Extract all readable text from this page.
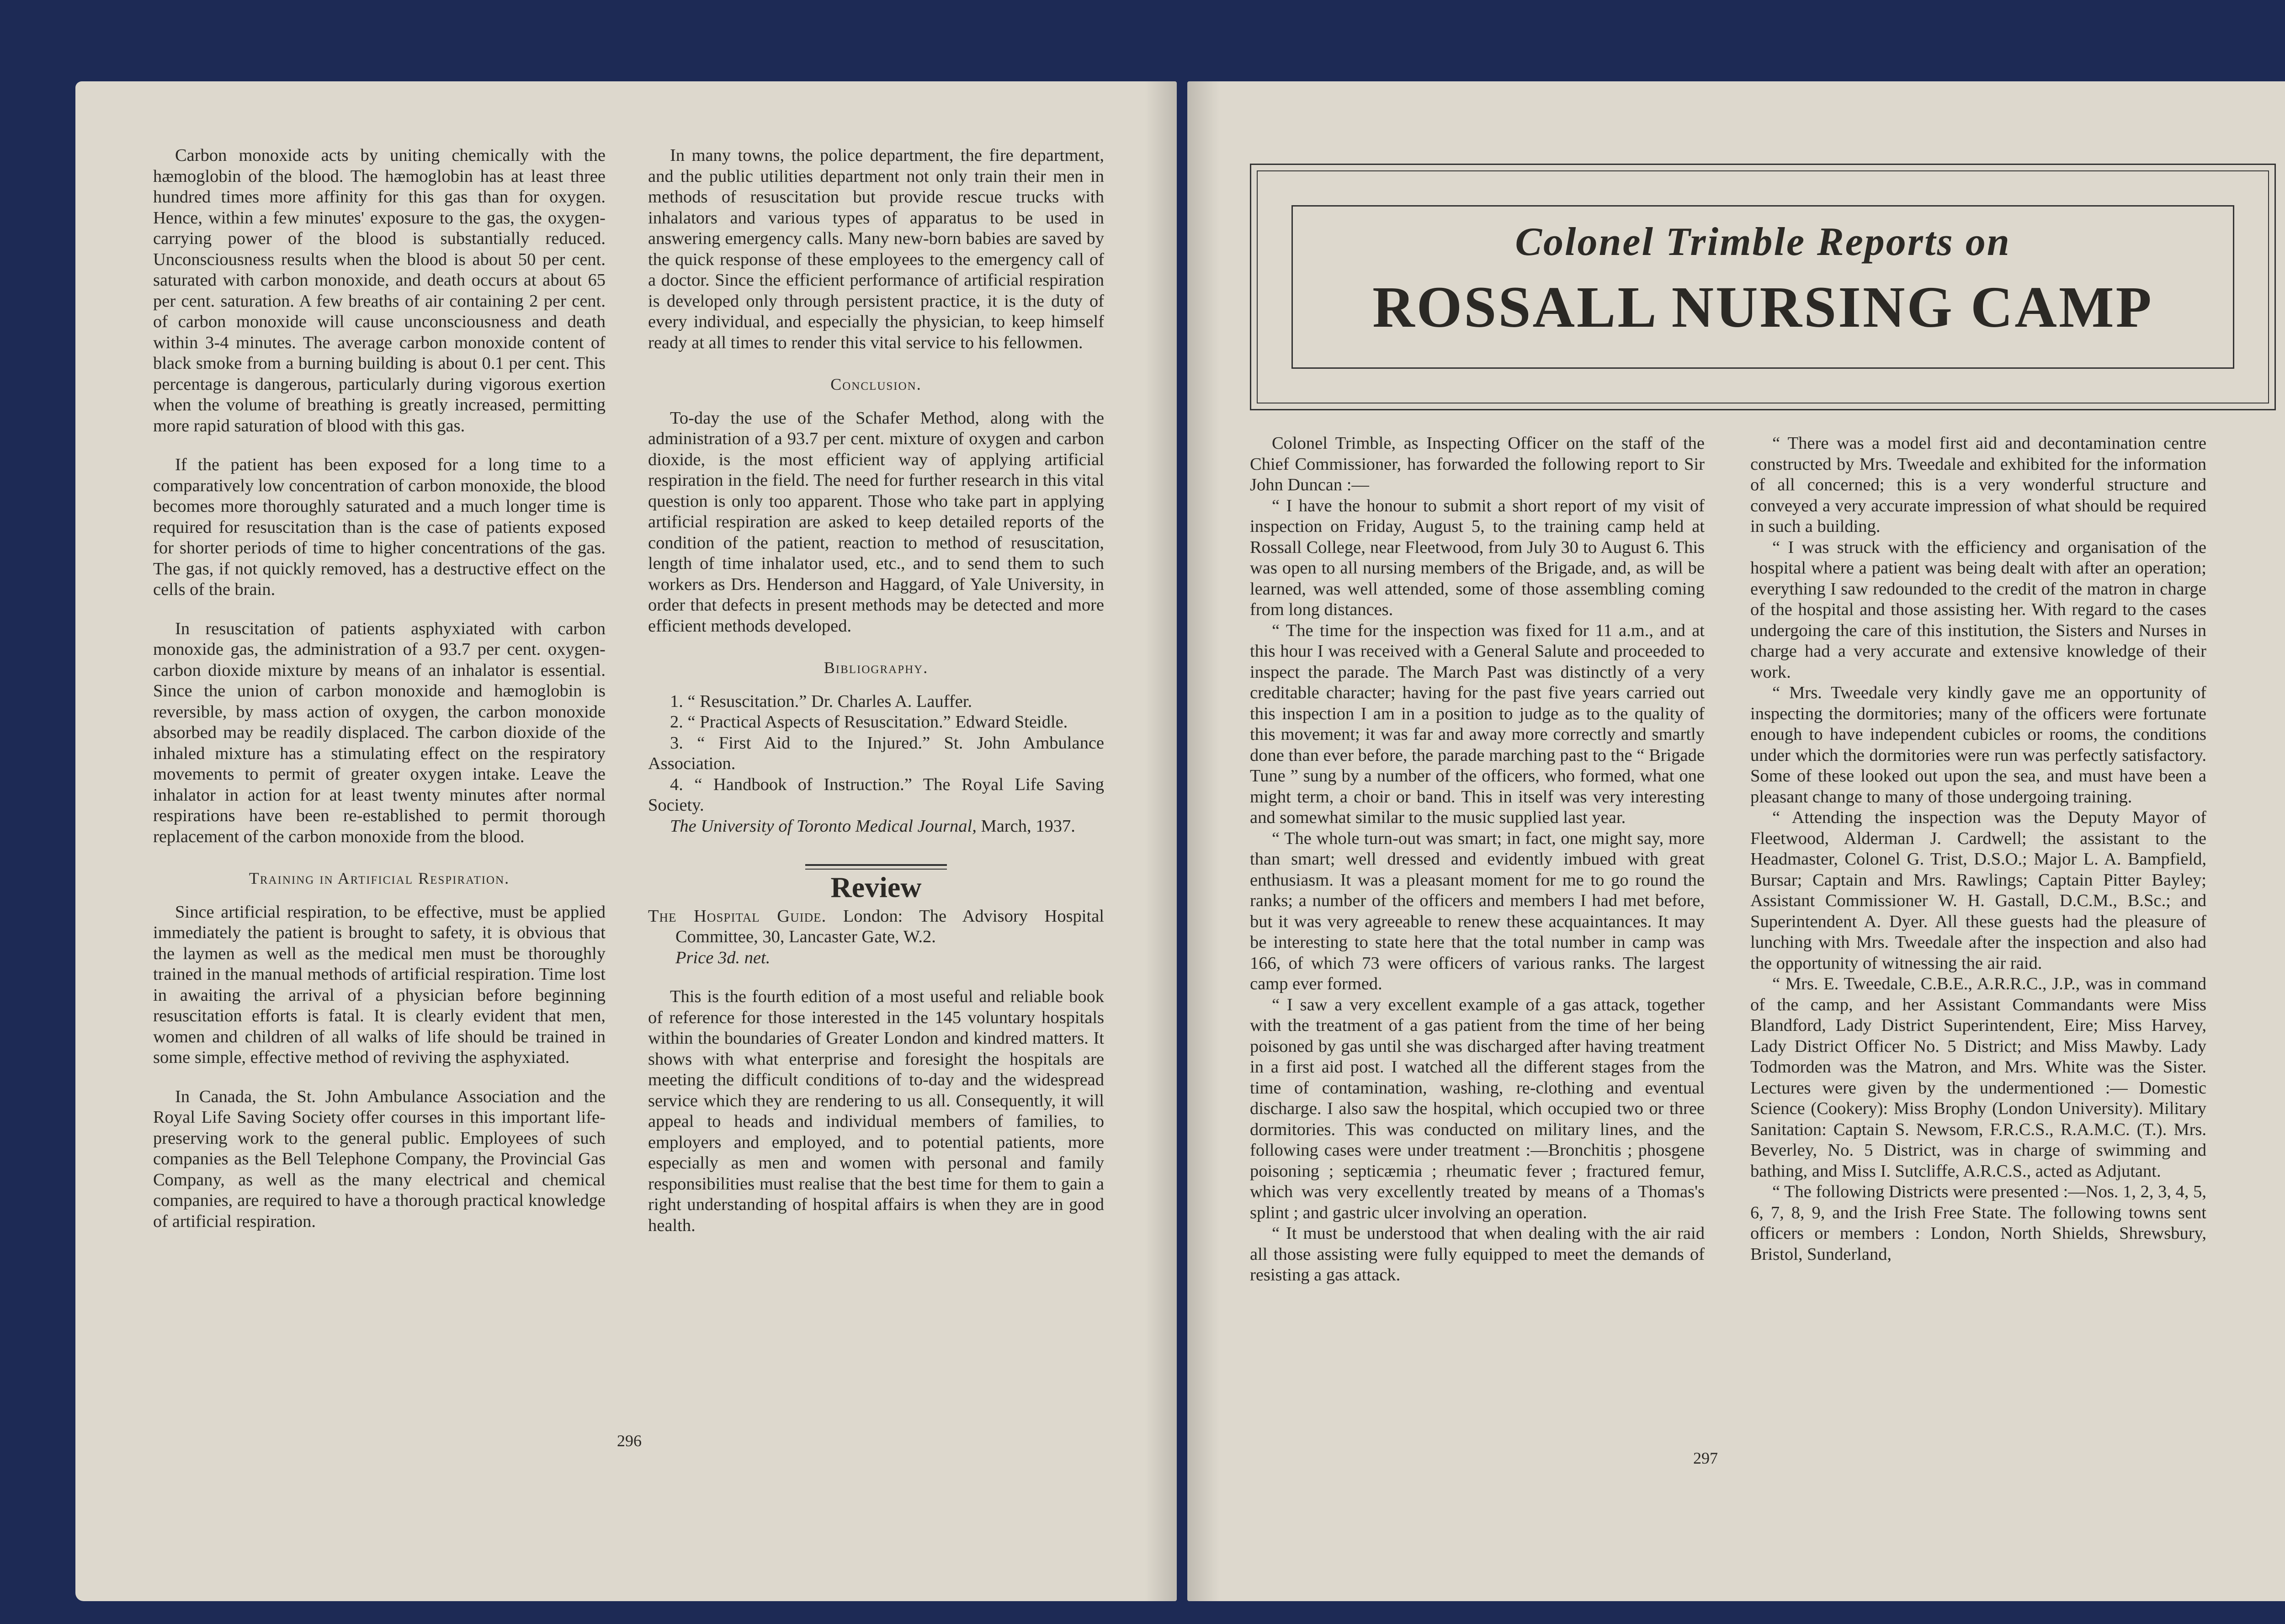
Carbon monoxide acts by uniting chemically with the hæmoglobin of the blood. The hæmoglobin has at least three hundred times more affinity for this gas than for oxygen. Hence, within a few minutes' exposure to the gas, the oxygen-carrying power of the blood is substantially reduced. Unconsciousness results when the blood is about 50 per cent. saturated with carbon monoxide, and death occurs at about 65 per cent. saturation. A few breaths of air containing 2 per cent. of carbon monoxide will cause unconsciousness and death within 3-4 minutes. The average carbon monoxide content of black smoke from a burning building is about 0.1 per cent. This percentage is dangerous, particularly during vigorous exertion when the volume of breathing is greatly increased, permitting more rapid saturation of blood with this gas.

If the patient has been exposed for a long time to a comparatively low concentration of carbon monoxide, the blood becomes more thoroughly saturated and a much longer time is required for resuscitation than is the case of patients exposed for shorter periods of time to higher concentrations of the gas. The gas, if not quickly removed, has a destructive effect on the cells of the brain.

In resuscitation of patients asphyxiated with carbon monoxide gas, the administration of a 93.7 per cent. oxygen-carbon dioxide mixture by means of an inhalator is essential. Since the union of carbon monoxide and hæmoglobin is reversible, by mass action of oxygen, the carbon monoxide absorbed may be readily displaced. The carbon dioxide of the inhaled mixture has a stimulating effect on the respiratory movements to permit of greater oxygen intake. Leave the inhalator in action for at least twenty minutes after normal respirations have been re-established to permit thorough replacement of the carbon monoxide from the blood.

Training in Artificial Respiration.

Since artificial respiration, to be effective, must be applied immediately the patient is brought to safety, it is obvious that the laymen as well as the medical men must be thoroughly trained in the manual methods of artificial respiration. Time lost in awaiting the arrival of a physician before beginning resuscitation efforts is fatal. It is clearly evident that men, women and children of all walks of life should be trained in some simple, effective method of reviving the asphyxiated.

In Canada, the St. John Ambulance Association and the Royal Life Saving Society offer courses in this important life-preserving work to the general public. Employees of such companies as the Bell Telephone Company, the Provincial Gas Company, as well as the many electrical and chemical companies, are required to have a thorough practical knowledge of artificial respiration.

In many towns, the police department, the fire department, and the public utilities department not only train their men in methods of resuscitation but provide rescue trucks with inhalators and various types of apparatus to be used in answering emergency calls. Many new-born babies are saved by the quick response of these employees to the emergency call of a doctor. Since the efficient performance of artificial respiration is developed only through persistent practice, it is the duty of every individual, and especially the physician, to keep himself ready at all times to render this vital service to his fellowmen.

Conclusion.

To-day the use of the Schafer Method, along with the administration of a 93.7 per cent. mixture of oxygen and carbon dioxide, is the most efficient way of applying artificial respiration in the field. The need for further research in this vital question is only too apparent. Those who take part in applying artificial respiration are asked to keep detailed reports of the condition of the patient, reaction to method of resuscitation, length of time inhalator used, etc., and to send them to such workers as Drs. Henderson and Haggard, of Yale University, in order that defects in present methods may be detected and more efficient methods developed.

Bibliography.

1. “ Resuscitation.” Dr. Charles A. Lauffer.

2. “ Practical Aspects of Resuscitation.” Edward Steidle.

3. “ First Aid to the Injured.” St. John Ambulance Association.

4. “ Handbook of Instruction.” The Royal Life Saving Society.

The University of Toronto Medical Journal, March, 1937.

Review

The Hospital Guide. London: The Advisory Hospital Committee, 30, Lancaster Gate, W.2.
Price 3d. net.

This is the fourth edition of a most useful and reliable book of reference for those interested in the 145 voluntary hospitals within the boundaries of Greater London and kindred matters. It shows with what enterprise and foresight the hospitals are meeting the difficult conditions of to-day and the widespread service which they are rendering to us all. Consequently, it will appeal to heads and individual members of families, to employers and employed, and to potential patients, more especially as men and women with personal and family responsibilities must realise that the best time for them to gain a right understanding of hospital affairs is when they are in good health.

296
Colonel Trimble Reports on
ROSSALL NURSING CAMP

Colonel Trimble, as Inspecting Officer on the staff of the Chief Commissioner, has forwarded the following report to Sir John Duncan :—

“ I have the honour to submit a short report of my visit of inspection on Friday, August 5, to the training camp held at Rossall College, near Fleetwood, from July 30 to August 6. This was open to all nursing members of the Brigade, and, as will be learned, was well attended, some of those assembling coming from long distances.

“ The time for the inspection was fixed for 11 a.m., and at this hour I was received with a General Salute and proceeded to inspect the parade. The March Past was distinctly of a very creditable character; having for the past five years carried out this inspection I am in a position to judge as to the quality of this movement; it was far and away more correctly and smartly done than ever before, the parade marching past to the “ Brigade Tune ” sung by a number of the officers, who formed, what one might term, a choir or band. This in itself was very interesting and somewhat similar to the music supplied last year.

“ The whole turn-out was smart; in fact, one might say, more than smart; well dressed and evidently imbued with great enthusiasm. It was a pleasant moment for me to go round the ranks; a number of the officers and members I had met before, but it was very agreeable to renew these acquaintances. It may be interesting to state here that the total number in camp was 166, of which 73 were officers of various ranks. The largest camp ever formed.

“ I saw a very excellent example of a gas attack, together with the treatment of a gas patient from the time of her being poisoned by gas until she was discharged after having treatment in a first aid post. I watched all the different stages from the time of contamination, washing, re-clothing and eventual discharge. I also saw the hospital, which occupied two or three dormitories. This was conducted on military lines, and the following cases were under treatment :—Bronchitis ; phosgene poisoning ; septicæmia ; rheumatic fever ; fractured femur, which was very excellently treated by means of a Thomas's splint ; and gastric ulcer involving an operation.

“ It must be understood that when dealing with the air raid all those assisting were fully equipped to meet the demands of resisting a gas attack.

“ There was a model first aid and decontamination centre constructed by Mrs. Tweedale and exhibited for the information of all concerned; this is a very wonderful structure and conveyed a very accurate impression of what should be required in such a building.

“ I was struck with the efficiency and organisation of the hospital where a patient was being dealt with after an operation; everything I saw redounded to the credit of the matron in charge of the hospital and those assisting her. With regard to the cases undergoing the care of this institution, the Sisters and Nurses in charge had a very accurate and extensive knowledge of their work.

“ Mrs. Tweedale very kindly gave me an opportunity of inspecting the dormitories; many of the officers were fortunate enough to have independent cubicles or rooms, the conditions under which the dormitories were run was perfectly satisfactory. Some of these looked out upon the sea, and must have been a pleasant change to many of those undergoing training.

“ Attending the inspection was the Deputy Mayor of Fleetwood, Alderman J. Cardwell; the assistant to the Headmaster, Colonel G. Trist, D.S.O.; Major L. A. Bampfield, Bursar; Captain and Mrs. Rawlings; Captain Pitter Bayley; Assistant Commissioner W. H. Gastall, D.C.M., B.Sc.; and Superintendent A. Dyer. All these guests had the pleasure of lunching with Mrs. Tweedale after the inspection and also had the opportunity of witnessing the air raid.

“ Mrs. E. Tweedale, C.B.E., A.R.R.C., J.P., was in command of the camp, and her Assistant Commandants were Miss Blandford, Lady District Superintendent, Eire; Miss Harvey, Lady District Officer No. 5 District; and Miss Mawby. Lady Todmorden was the Matron, and Mrs. White was the Sister. Lectures were given by the undermentioned :— Domestic Science (Cookery): Miss Brophy (London University). Military Sanitation: Captain S. Newsom, F.R.C.S., R.A.M.C. (T.). Mrs. Beverley, No. 5 District, was in charge of swimming and bathing, and Miss I. Sutcliffe, A.R.C.S., acted as Adjutant.

“ The following Districts were presented :—Nos. 1, 2, 3, 4, 5, 6, 7, 8, 9, and the Irish Free State. The following towns sent officers or members : London, North Shields, Shrewsbury, Bristol, Sunderland,

297
